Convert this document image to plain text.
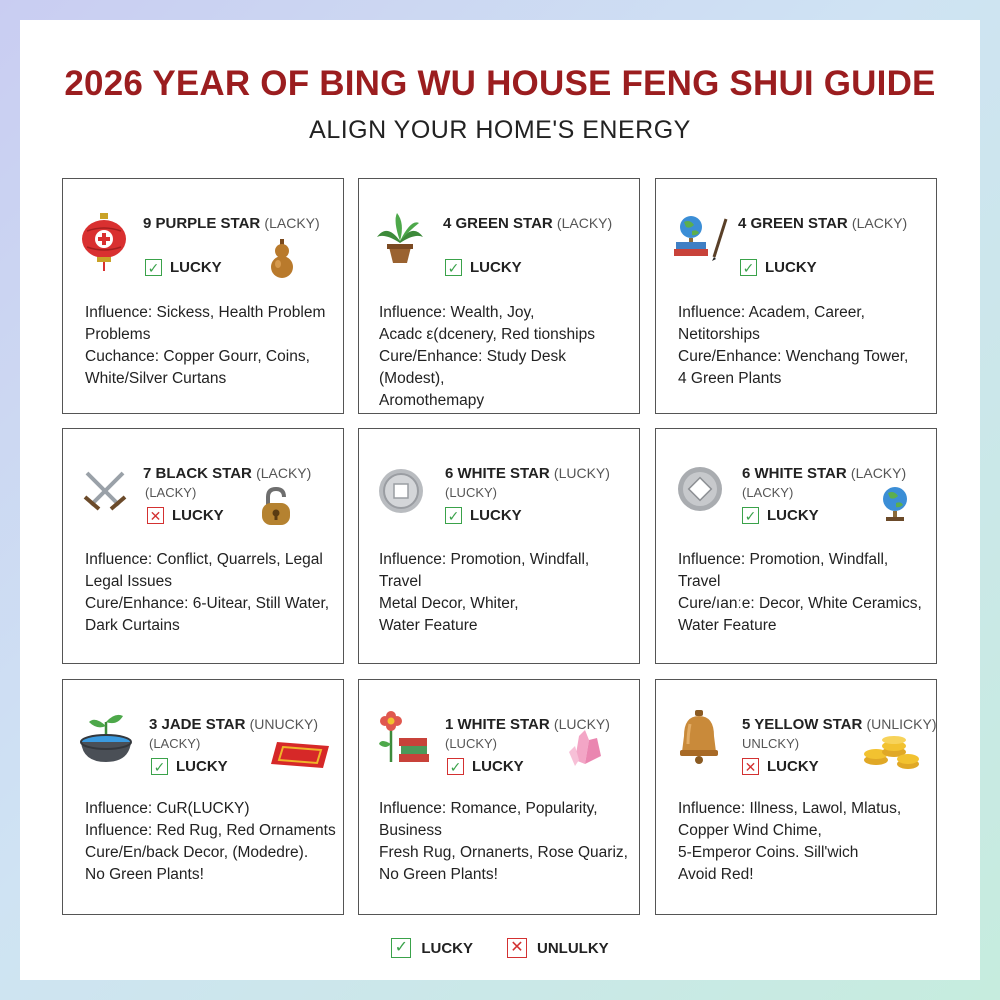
2026 YEAR OF BING WU HOUSE FENG SHUI GUIDE
ALIGN YOUR HOME'S ENERGY
9 PURPLE STAR (LACKY)
✓ LUCKY

Influence: Sickess, Health Problem

Problems

Cuchance: Copper Gourr, Coins,

White/Silver Curtans

4 GREEN STAR (LACKY)
✓ LUCKY

Influence: Wealth, Joy,

Acadc ε(dcenery, Red tionships

Cure/Enhance: Study Desk (Modest),

Aromothemapy

4 GREEN STAR (LACKY)
✓ LUCKY

Influence: Academ, Career,

Netitorships

Cure/Enhance: Wenchang Tower,

4 Green Plants

7 BLACK STAR (LACKY)
(LACKY)
✕ LUCKY

Influence: Conflict, Quarrels, Legal

Legal Issues

Cure/Enhance: 6-Uitear, Still Water,

Dark Curtains

6 WHITE STAR (LUCKY)
(LUCKY)
✓ LUCKY

Influence: Promotion, Windfall,

Travel

Metal Decor, Whiter,

Water Feature

6 WHITE STAR (LACKY)
(LACKY)
✓ LUCKY

Influence: Promotion, Windfall,

Travel

Cure/ıanːe: Decor, White Ceramics,

Water Feature

3 JADE STAR (UNUCKY)
(LACKY)
✓ LUCKY

Influence: CuR(LUCKY)

Influence: Red Rug, Red Ornaments

Cure/En/back Decor, (Modedre).

No Green Plants!

1 WHITE STAR (LUCKY)
(LUCKY)
✓ LUCKY

Influence: Romance, Popularity,

Business

Fresh Rug, Ornanerts, Rose Quariz,

No Green Plants!

5 YELLOW STAR (UNLICKY)
UNLCKY)
✕ LUCKY

Influence: Illness, Lawol, Mlatus,

Copper Wind Chime,

5-Emperor Coins. Sill'wich

Avoid Red!

✓ LUCKY ✕ UNLULKY
